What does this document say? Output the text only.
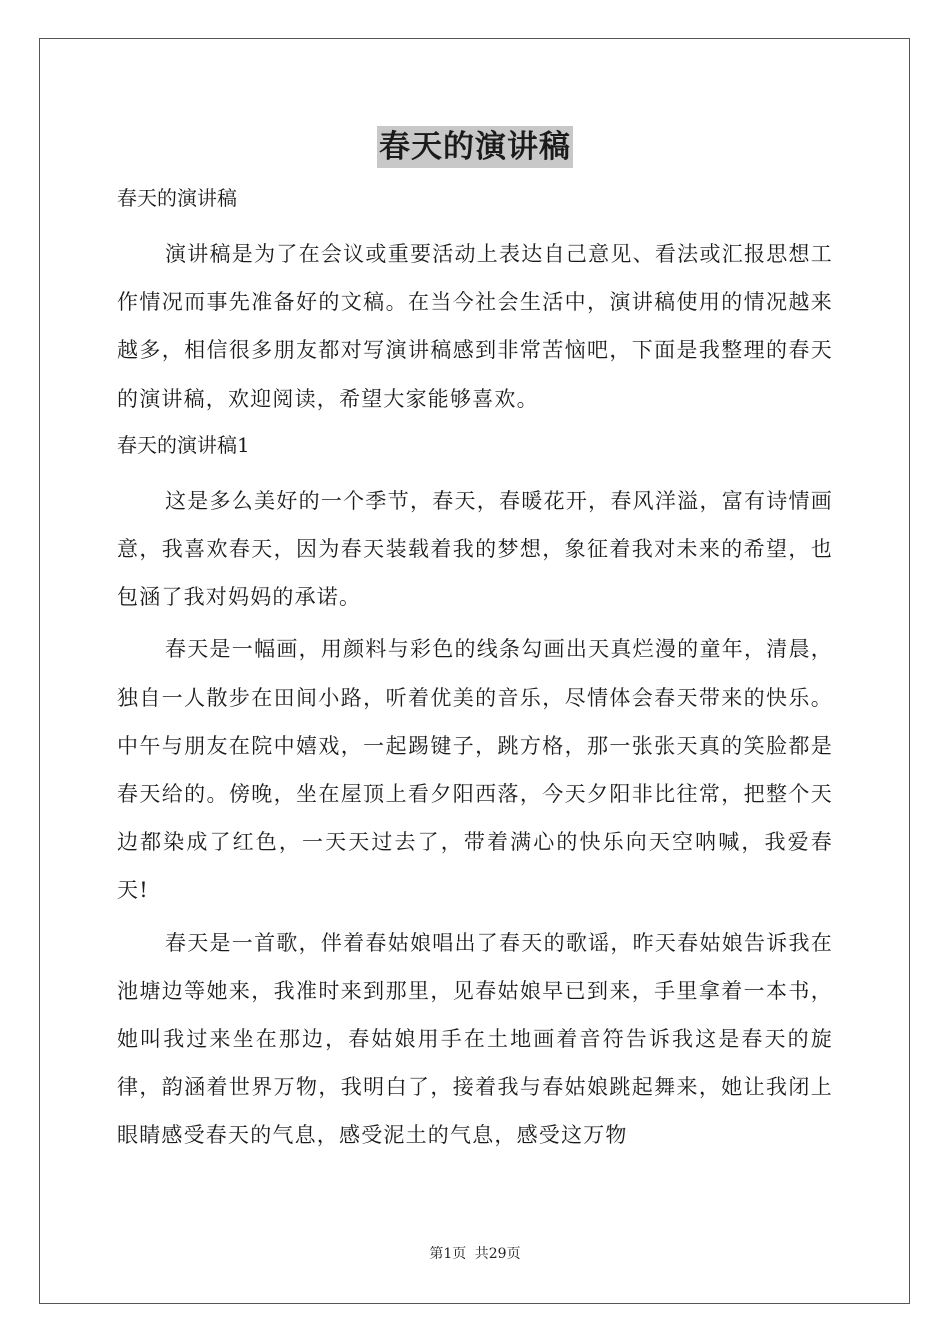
春天的演讲稿
春天的演讲稿

演讲稿是为了在会议或重要活动上表达自己意见、看法或汇报思想工作情况而事先准备好的文稿。在当今社会生活中，演讲稿使用的情况越来越多，相信很多朋友都对写演讲稿感到非常苦恼吧，下面是我整理的春天的演讲稿，欢迎阅读，希望大家能够喜欢。

春天的演讲稿1

这是多么美好的一个季节，春天，春暖花开，春风洋溢，富有诗情画意，我喜欢春天，因为春天装载着我的梦想，象征着我对未来的希望，也包涵了我对妈妈的承诺。

春天是一幅画，用颜料与彩色的线条勾画出天真烂漫的童年，清晨，独自一人散步在田间小路，听着优美的音乐，尽情体会春天带来的快乐。中午与朋友在院中嬉戏，一起踢键子，跳方格，那一张张天真的笑脸都是春天给的。傍晚，坐在屋顶上看夕阳西落，今天夕阳非比往常，把整个天边都染成了红色，一天天过去了，带着满心的快乐向天空呐喊，我爱春天!

春天是一首歌，伴着春姑娘唱出了春天的歌谣，昨天春姑娘告诉我在池塘边等她来，我准时来到那里，见春姑娘早已到来，手里拿着一本书，她叫我过来坐在那边，春姑娘用手在土地画着音符告诉我这是春天的旋律，韵涵着世界万物，我明白了，接着我与春姑娘跳起舞来，她让我闭上眼睛感受春天的气息，感受泥土的气息，感受这万物

第1页 共29页
